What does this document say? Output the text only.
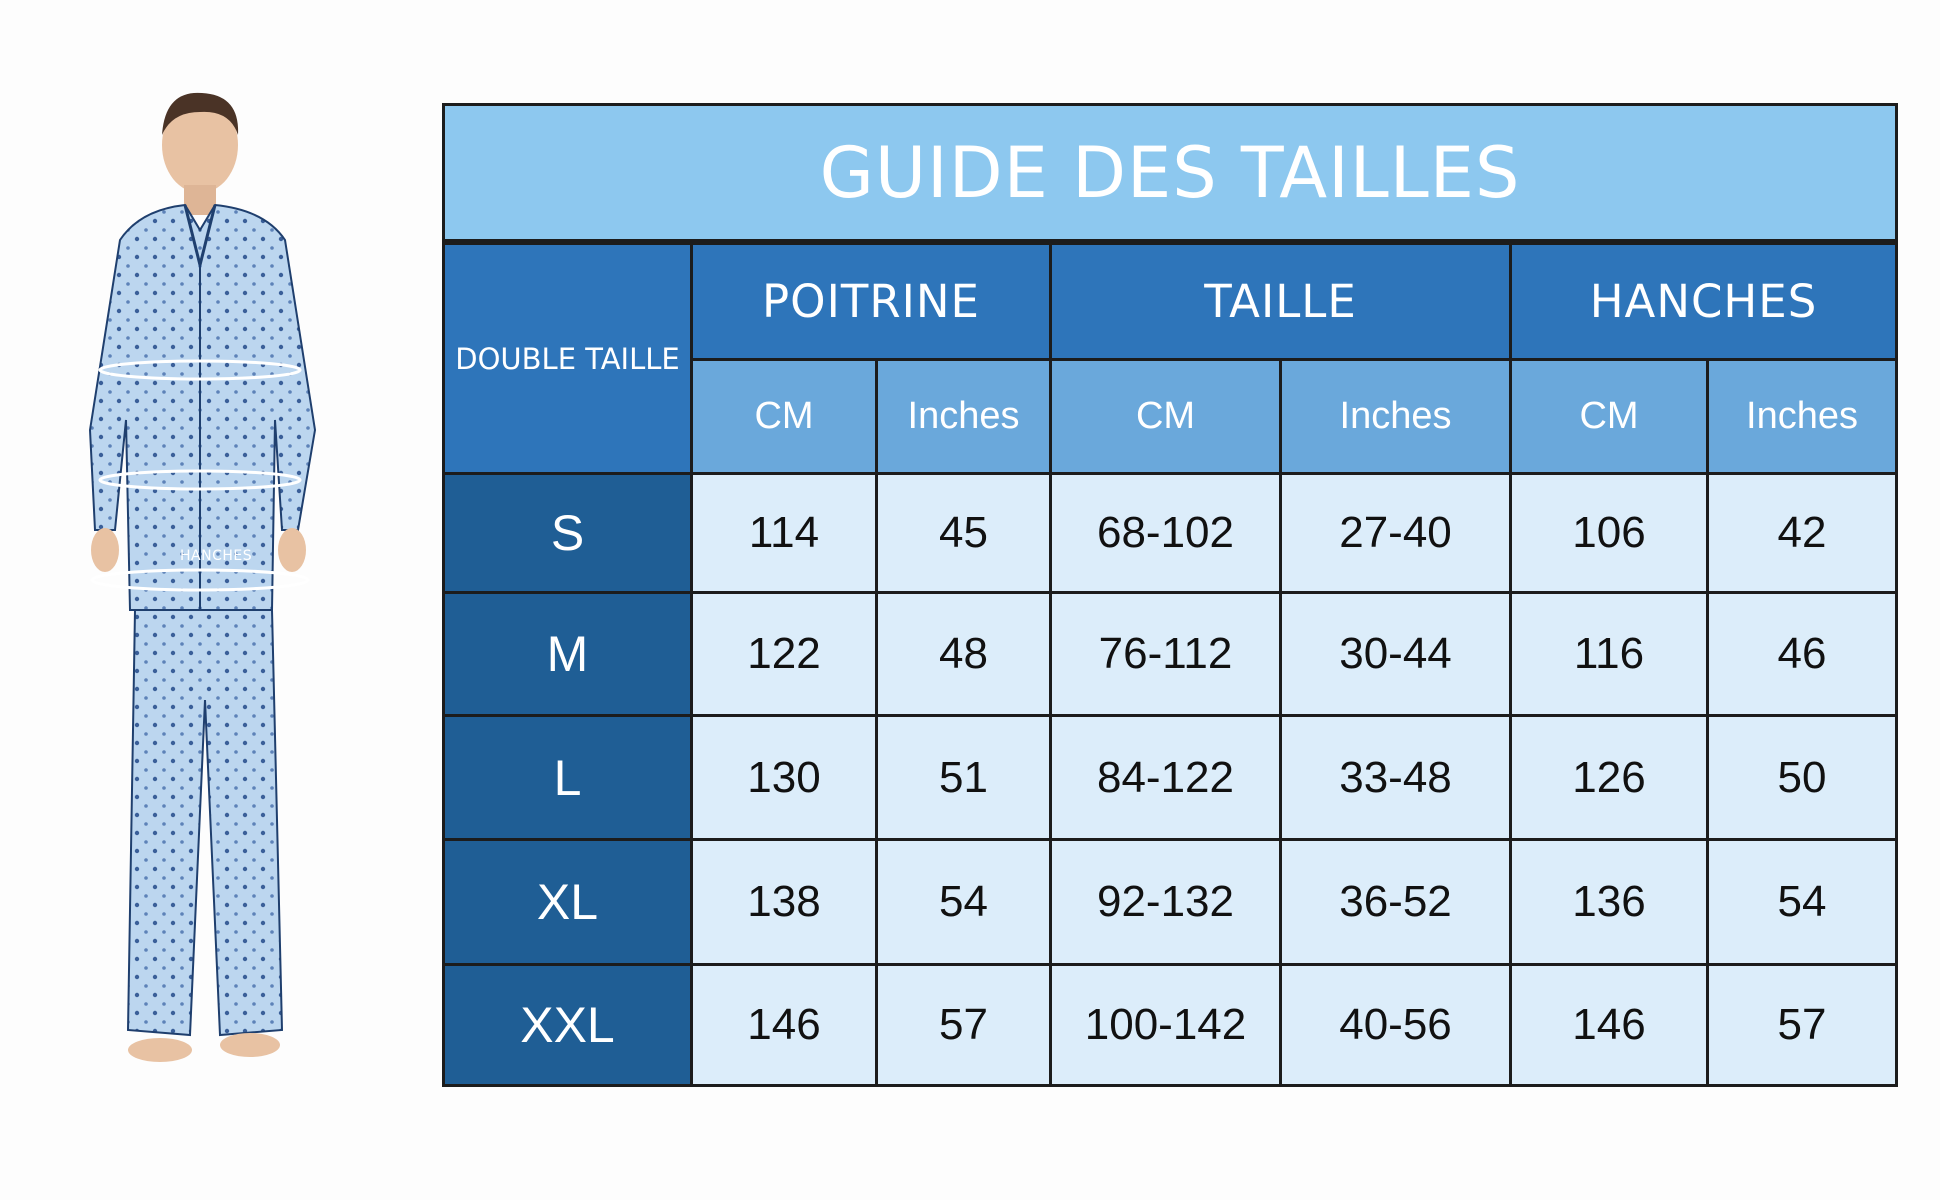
HANCHES
GUIDE DES TAILLES
DOUBLE TAILLE
POITRINE	TAILLE	HANCHES
CM	Inches	CM	Inches	CM	Inches
S	114	45	68-102	27-40	106	42
M	122	48	76-112	30-44	116	46
L	130	51	84-122	33-48	126	50
XL	138	54	92-132	36-52	136	54
XXL	146	57	100-142	40-56	146	57
